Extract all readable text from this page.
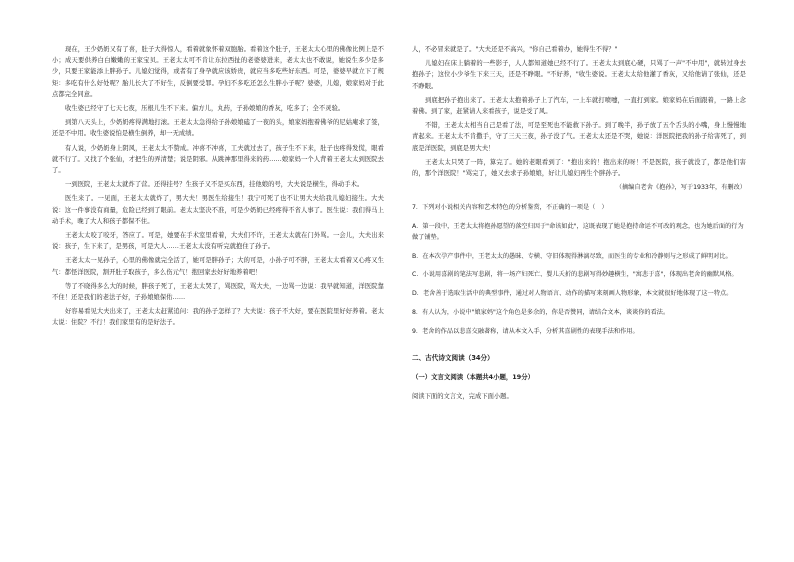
现在，王少奶奶又有了喜，肚子大得惊人，看着就象怀着双胞胎。看着这个肚子，王老太太心里的佛像比例上是不小；成天要供养白白嫩嫩的王家宝贝。王老太太可不肯让东拉西扯的老婆婆进来，老太太也不敢说，她说生多少是多少，只要王家能添上胖孙子。儿媳妇觉得，或者有了身孕就应该娇贵，就应当多吃些好东西。可是，婆婆早就立下了规矩：多吃有什么好处呢？胎儿长大了不好生，反倒要受罪。孕妇不多吃还怎么生胖小子呢？婆婆，儿媳，娘家妈对于此点都完全同意。

收生婆已经守了七天七夜，压根儿生不下来。偏方儿，丸药，子孙娘娘的香灰，吃多了；全不灵验。

到第八天头上，少奶奶疼得满地打滚。王老太太急得给子孙娘娘磕了一夜的头，娘家妈抱着佛爷的尼姑庵求了签，还是不中用。收生婆说怕是横生倒养，却一无成绩。

有人说，少奶奶身上阴风，王老太太不赞成。冲喜不冲喜，工夫就过去了，孩子生不下来，肚子也疼得发慌，眼看就不行了。又找了个张仙，才把生的弄清楚；说是阴邪。从跳神那里得来的药……娘家妈一个人背着王老太太到医院去了。

一到医院，王老太太就炸了营。还得挂号？生孩子又不是买东西，挂他娘的号，大夫说是横生，得动手术。

医生来了。一见面，王老太太就炸了，男大夫！男医生给接生！我宁可死了也不让男大夫给我儿媳妇接生。大夫说：这一件事没有商量，危险已经到了眼前。老太太坚决不准，可是少奶奶已经疼得不省人事了。医生说：我们得马上动手术，晚了大人和孩子都保不住。

王老太太咬了咬牙，答应了。可是，她要在手术室里看着，大夫们不许，王老太太就在门外骂。一会儿，大夫出来说：孩子，生下来了，是男孩，可是大人……王老太太没有听完就抱住了孙子。

王老太太一见孙子，心里的佛像就完全活了，她可是胖孙子；大的可是，小孙子可不胖，王老太太看着又心疼又生气：都怪洋医院，割开肚子取孩子，多么伤元气！抱回家去好好地养着吧！

等了不晓得多么大的时候，胖孩子死了，王老太太哭了，骂医院，骂大夫，一边骂一边说：我早就知道，洋医院靠不住！还是我们的老法子好，子孙娘娘保佑……

好容易看见大夫出来了，王老太太赶紧追问：我的孙子怎样了？大夫说：孩子不大好，要在医院里好好养着。老太太说：住院？不行！我们家里有的是好法子。

人，不必冒来就是了。"大夫还是不高兴，"你自己看着办，她得生不得？"

儿媳妇在床上躺着的一些影子，人人都知道她已经不行了。王老太太到底心硬，只骂了一声"不中用"，就转过身去抱孙子；这位小少爷生下来三天，还是不睁眼。"不好养，"收生婆说。王老太太给他灌了香灰，又给他请了张仙，还是不睁眼。

到底把孙子抱出来了。王老太太抱着孙子上了汽车，一上车就打喷嚏，一直打到家。娘家妈在后面跟着，一路上念着佛。到了家，赶紧请人来看孩子，说是受了风。

不错，王老太太相当自己是看了法，可是至死也不能救下孙子。到了晚半，孙子放了五个舌头的小嘴，身上慢慢地青起来。王老太太不肯撒手，守了三天三夜，孙子没了气。王老太太还是不哭，她说：洋医院把我的孙子给害死了，到底是洋医院，到底是男大夫！

王老太太只哭了一阵，算完了。她的老眼看到了："抱出来的！抱出来的呀！不是医院，孩子就没了，都是他们害的，那个洋医院！"骂完了，她又去求子孙娘娘，好让儿媳妇再生个胖孙子。

（摘编自老舍《抱孙》，写于1933年，有删改）
7．下列对小说相关内容和艺术特色的分析鉴赏，不正确的一项是（　）
A．第一段中，王老太太将抱孙愿望的落空归因于"命该如此"，这既表现了她是抱持命运不可改的观念，也为她后面的行为做了铺垫。
B．在本次孕产事件中，王老太太的愚昧、专横、守旧体现得淋漓尽致，而医生的专业和冷静则与之形成了鲜明对比。
C．小说用喜剧的笔法写悲剧，将一场产妇死亡、婴儿夭折的悲剧写得妙趣横生，"寓悲于喜"，体现出老舍的幽默风格。
D．老舍善于选取生活中的典型事件，通过对人物语言、动作的描写来刻画人物形象，本文就很好地体现了这一特点。
8．有人认为，小说中"娘家妈"这个角色是多余的，你是否赞同，请结合文本，谈谈你的看法。
9．老舍的作品以悲喜交融著称，请从本文入手，分析其喜剧性的表现手法和作用。
二、古代诗文阅读（34分）
（一）文言文阅读（本题共4小题，19分）
阅读下面的文言文，完成下面小题。
